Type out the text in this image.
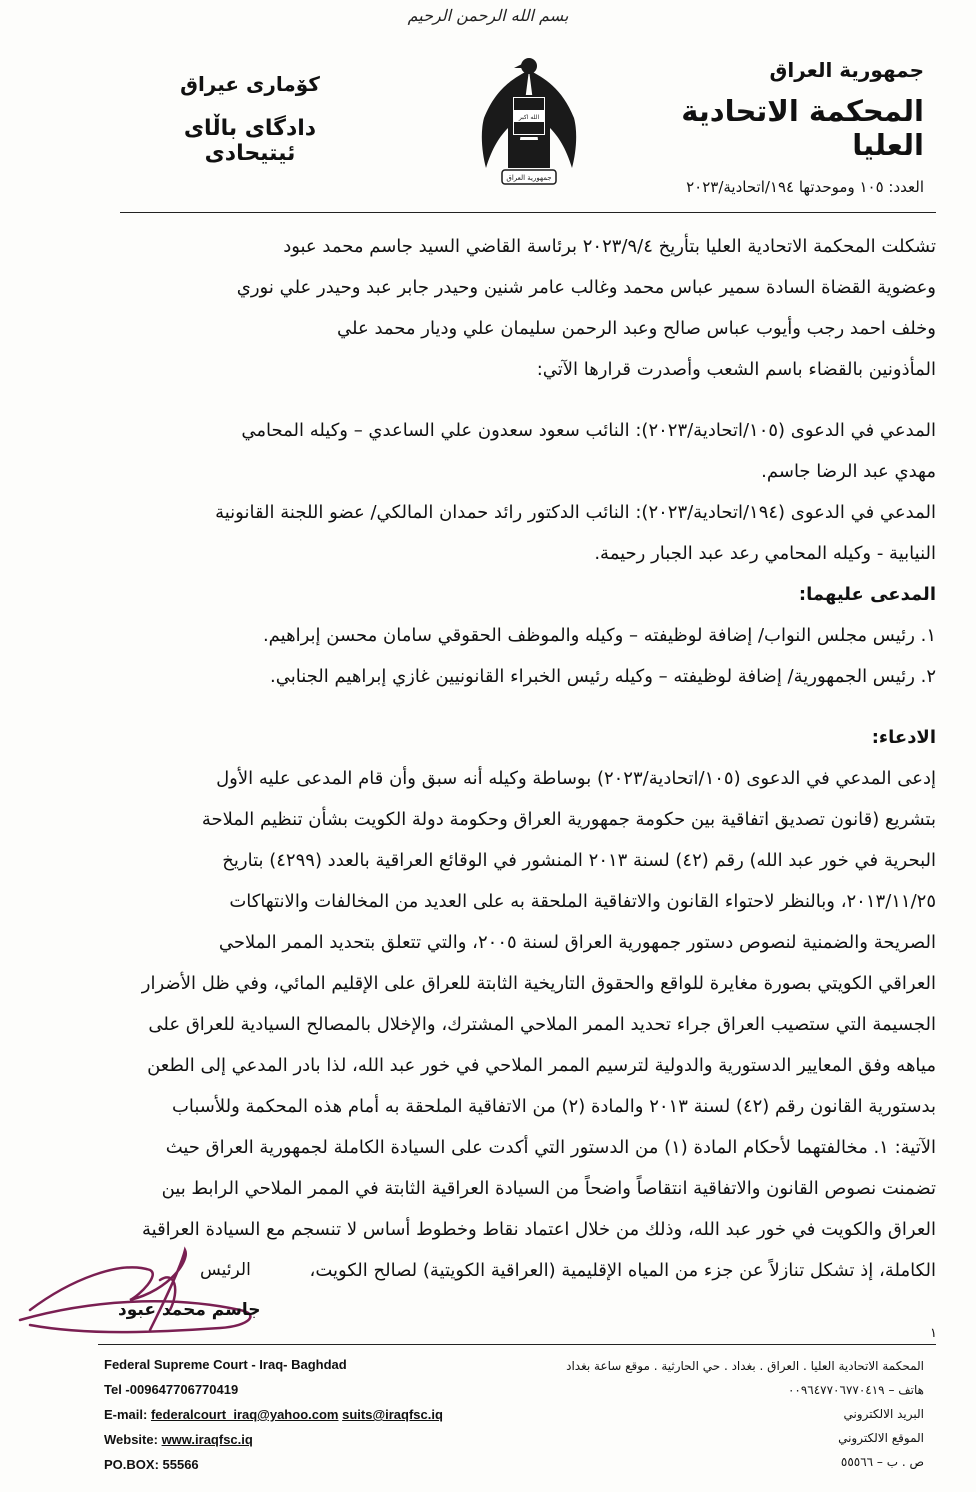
بسم الله الرحمن الرحيم
جمهورية العراق
المحكمة الاتحادية العليا
العدد: ١٠٥ وموحدتها ١٩٤/اتحادية/٢٠٢٣
كۆمارى عيراق
دادگاى باڵاى ئیتیحادی
الله اكبر
جمهورية العراق

تشكلت المحكمة الاتحادية العليا بتأريخ ٢٠٢٣/٩/٤ برئاسة القاضي السيد جاسم محمد عبود

وعضوية القضاة السادة سمير عباس محمد وغالب عامر شنين وحيدر جابر عبد وحيدر علي نوري

وخلف احمد رجب وأيوب عباس صالح وعبد الرحمن سليمان علي وديار محمد علي

المأذونين بالقضاء باسم الشعب وأصدرت قرارها الآتي:

المدعي في الدعوى (١٠٥/اتحادية/٢٠٢٣): النائب سعود سعدون علي الساعدي – وكيله المحامي

مهدي عبد الرضا جاسم.

المدعي في الدعوى (١٩٤/اتحادية/٢٠٢٣): النائب الدكتور رائد حمدان المالكي/ عضو اللجنة القانونية

النيابية - وكيله المحامي رعد عبد الجبار رحيمة.

المدعى عليهما:

١. رئيس مجلس النواب/ إضافة لوظيفته – وكيله والموظف الحقوقي سامان محسن إبراهيم.

٢. رئيس الجمهورية/ إضافة لوظيفته – وكيله رئيس الخبراء القانونيين غازي إبراهيم الجنابي.

الادعاء:

إدعى المدعي في الدعوى (١٠٥/اتحادية/٢٠٢٣) بوساطة وكيله أنه سبق وأن قام المدعى عليه الأول

بتشريع (قانون تصديق اتفاقية بين حكومة جمهورية العراق وحكومة دولة الكويت بشأن تنظيم الملاحة

البحرية في خور عبد الله) رقم (٤٢) لسنة ٢٠١٣ المنشور في الوقائع العراقية بالعدد (٤٢٩٩) بتاريخ

٢٠١٣/١١/٢٥، وبالنظر لاحتواء القانون والاتفاقية الملحقة به على العديد من المخالفات والانتهاكات

الصريحة والضمنية لنصوص دستور جمهورية العراق لسنة ٢٠٠٥، والتي تتعلق بتحديد الممر الملاحي

العراقي الكويتي بصورة مغايرة للواقع والحقوق التاريخية الثابتة للعراق على الإقليم المائي، وفي ظل الأضرار

الجسيمة التي ستصيب العراق جراء تحديد الممر الملاحي المشترك، والإخلال بالمصالح السيادية للعراق على

مياهه وفق المعايير الدستورية والدولية لترسيم الممر الملاحي في خور عبد الله، لذا بادر المدعي إلى الطعن

بدستورية القانون رقم (٤٢) لسنة ٢٠١٣ والمادة (٢) من الاتفاقية الملحقة به أمام هذه المحكمة وللأسباب

الآتية: ١. مخالفتهما لأحكام المادة (١) من الدستور التي أكدت على السيادة الكاملة لجمهورية العراق حيث

تضمنت نصوص القانون والاتفاقية انتقاصاً واضحاً من السيادة العراقية الثابتة في الممر الملاحي الرابط بين

العراق والكويت في خور عبد الله، وذلك من خلال اعتماد نقاط وخطوط أساس لا تنسجم مع السيادة العراقية

الكاملة، إذ تشكل تنازلاً عن جزء من المياه الإقليمية (العراقية الكويتية) لصالح الكويت،

الرئيس
جاسم محمد عبود
١
Federal Supreme Court - Iraq- Baghdad
Tel -009647706770419
E-mail: federalcourt_iraq@yahoo.com suits@iraqfsc.iq
Website: www.iraqfsc.iq
PO.BOX: 55566
المحكمة الاتحادية العليا . العراق . بغداد . حي الحارثية . موقع ساعة بغداد
هاتف – ٠٠٩٦٤٧٧٠٦٧٧٠٤١٩
البريد الالكتروني
الموقع الالكتروني
ص . ب – ٥٥٥٦٦
